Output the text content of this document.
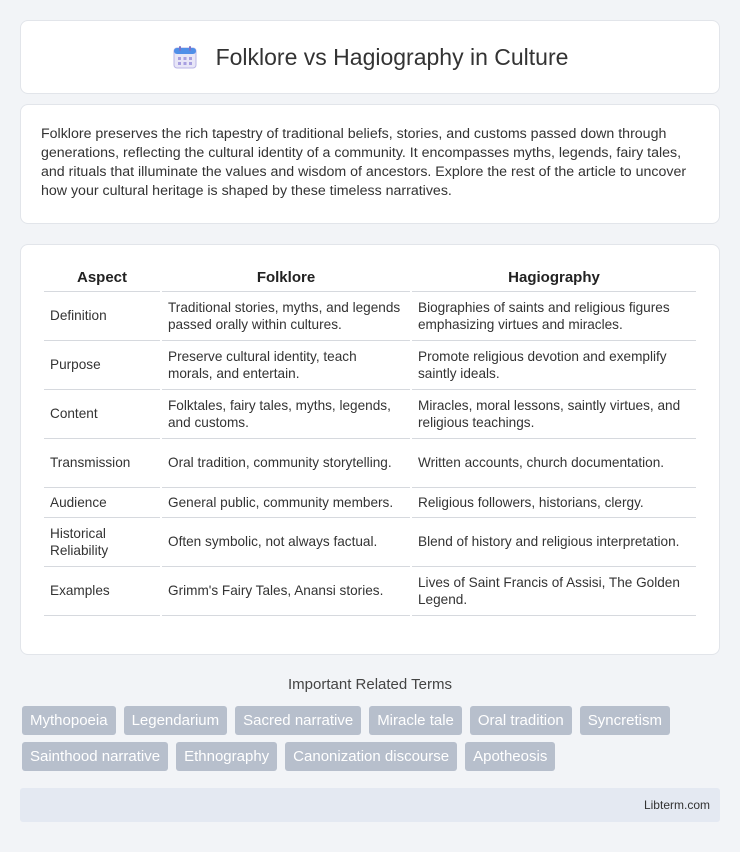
Folklore vs Hagiography in Culture

Folklore preserves the rich tapestry of traditional beliefs, stories, and customs passed down through generations, reflecting the cultural identity of a community. It encompasses myths, legends, fairy tales, and rituals that illuminate the values and wisdom of ancestors. Explore the rest of the article to uncover how your cultural heritage is shaped by these timeless narratives.

Aspect	Folklore	Hagiography
Definition	Traditional stories, myths, and legends passed orally within cultures.	Biographies of saints and religious figures emphasizing virtues and miracles.
Purpose	Preserve cultural identity, teach morals, and entertain.	Promote religious devotion and exemplify saintly ideals.
Content	Folktales, fairy tales, myths, legends, and customs.	Miracles, moral lessons, saintly virtues, and religious teachings.
Transmission	Oral tradition, community storytelling.	Written accounts, church documentation.
Audience	General public, community members.	Religious followers, historians, clergy.
Historical Reliability	Often symbolic, not always factual.	Blend of history and religious interpretation.
Examples	Grimm's Fairy Tales, Anansi stories.	Lives of Saint Francis of Assisi, The Golden Legend.
Important Related Terms
Mythopoeia	Legendarium	Sacred narrative	Miracle tale	Oral tradition	Syncretism
Sainthood narrative	Ethnography	Canonization discourse	Apotheosis
Libterm.com
